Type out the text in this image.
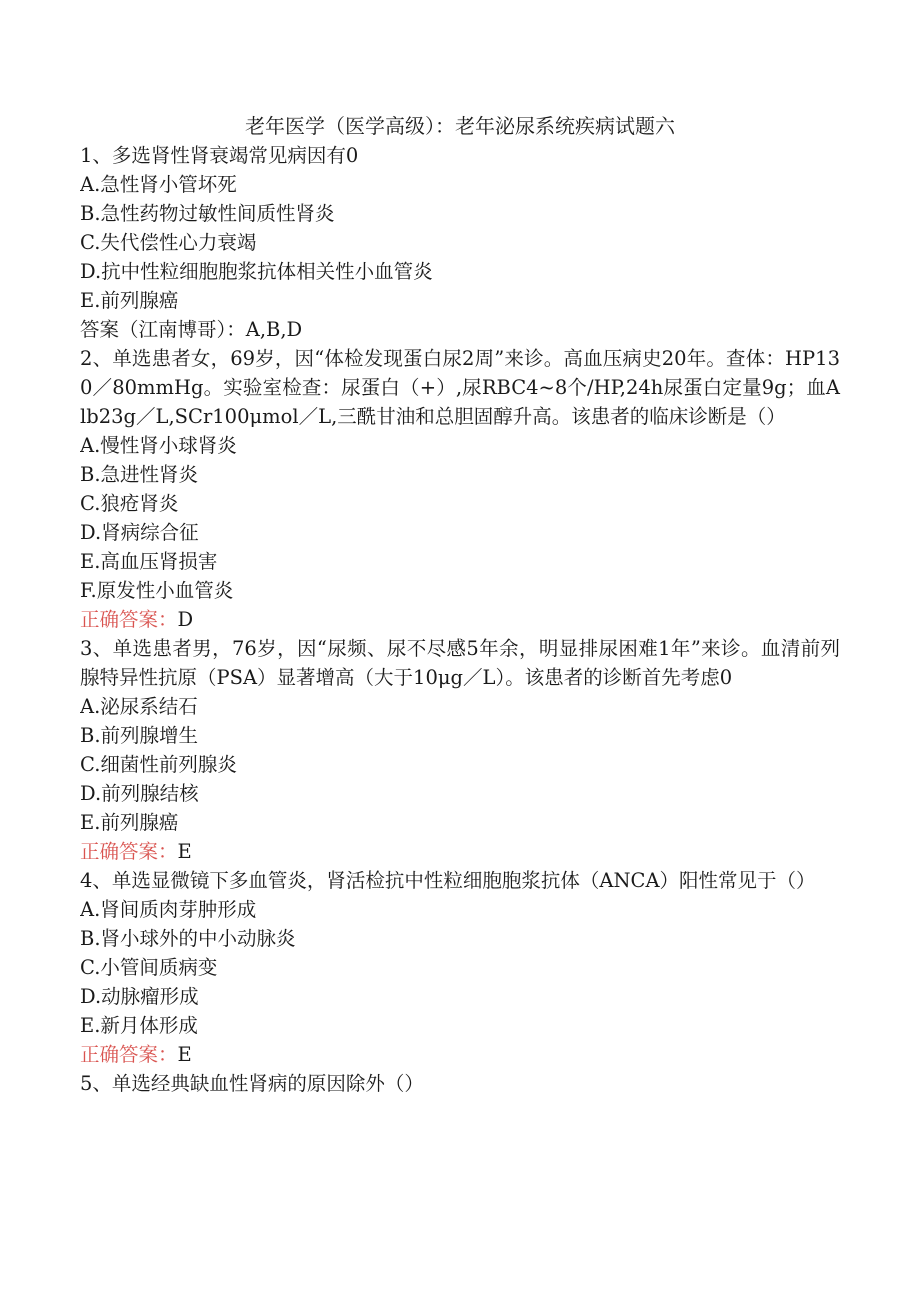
老年医学（医学高级）：老年泌尿系统疾病试题六
1、多选肾性肾衰竭常见病因有0
A.急性肾小管坏死
B.急性药物过敏性间质性肾炎
C.失代偿性心力衰竭
D.抗中性粒细胞胞浆抗体相关性小血管炎
E.前列腺癌
答案（江南博哥）：A,B,D
2、单选患者女，69岁，因“体检发现蛋白尿2周”来诊。高血压病史20年。查体：HP130／80mmHg。实验室检查：尿蛋白（+）,尿RBC4~8个/HP,24h尿蛋白定量9g；血Alb23g／L,SCr100μmol／L,三酰甘油和总胆固醇升高。该患者的临床诊断是（）
A.慢性肾小球肾炎
B.急进性肾炎
C.狼疮肾炎
D.肾病综合征
E.高血压肾损害
F.原发性小血管炎
正确答案：D
3、单选患者男，76岁，因“尿频、尿不尽感5年余，明显排尿困难1年”来诊。血清前列腺特异性抗原（PSA）显著增高（大于10μg／L）。该患者的诊断首先考虑0
A.泌尿系结石
B.前列腺增生
C.细菌性前列腺炎
D.前列腺结核
E.前列腺癌
正确答案：E
4、单选显微镜下多血管炎，肾活检抗中性粒细胞胞浆抗体（ANCA）阳性常见于（）
A.肾间质肉芽肿形成
B.肾小球外的中小动脉炎
C.小管间质病变
D.动脉瘤形成
E.新月体形成
正确答案：E
5、单选经典缺血性肾病的原因除外（）
